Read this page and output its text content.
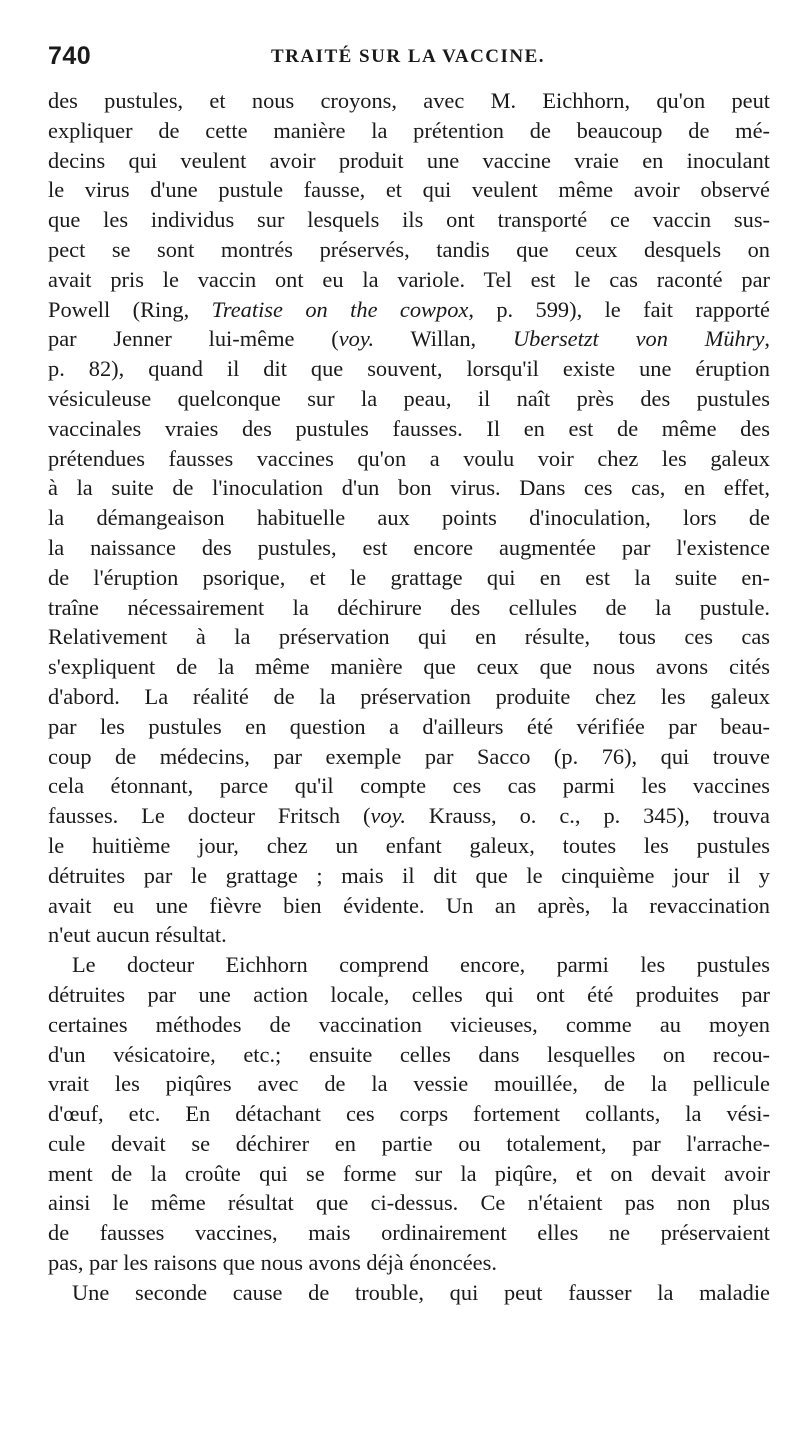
740	TRAITÉ SUR LA VACCINE.
des pustules, et nous croyons, avec M. Eichhorn, qu'on peut
expliquer de cette manière la prétention de beaucoup de mé-
decins qui veulent avoir produit une vaccine vraie en inoculant
le virus d'une pustule fausse, et qui veulent même avoir observé
que les individus sur lesquels ils ont transporté ce vaccin sus-
pect se sont montrés préservés, tandis que ceux desquels on
avait pris le vaccin ont eu la variole. Tel est le cas raconté par
Powell (Ring, Treatise on the cowpox, p. 599), le fait rapporté
par Jenner lui-même (voy. Willan, Ubersetzt von Mühry,
p. 82), quand il dit que souvent, lorsqu'il existe une éruption
vésiculeuse quelconque sur la peau, il naît près des pustules
vaccinales vraies des pustules fausses. Il en est de même des
prétendues fausses vaccines qu'on a voulu voir chez les galeux
à la suite de l'inoculation d'un bon virus. Dans ces cas, en effet,
la démangeaison habituelle aux points d'inoculation, lors de
la naissance des pustules, est encore augmentée par l'existence
de l'éruption psorique, et le grattage qui en est la suite en-
traîne nécessairement la déchirure des cellules de la pustule.
Relativement à la préservation qui en résulte, tous ces cas
s'expliquent de la même manière que ceux que nous avons cités
d'abord. La réalité de la préservation produite chez les galeux
par les pustules en question a d'ailleurs été vérifiée par beau-
coup de médecins, par exemple par Sacco (p. 76), qui trouve
cela étonnant, parce qu'il compte ces cas parmi les vaccines
fausses. Le docteur Fritsch (voy. Krauss, o. c., p. 345), trouva
le huitième jour, chez un enfant galeux, toutes les pustules
détruites par le grattage ; mais il dit que le cinquième jour il y
avait eu une fièvre bien évidente. Un an après, la revaccination
n'eut aucun résultat.
Le docteur Eichhorn comprend encore, parmi les pustules
détruites par une action locale, celles qui ont été produites par
certaines méthodes de vaccination vicieuses, comme au moyen
d'un vésicatoire, etc.; ensuite celles dans lesquelles on recou-
vrait les piqûres avec de la vessie mouillée, de la pellicule
d'œuf, etc. En détachant ces corps fortement collants, la vési-
cule devait se déchirer en partie ou totalement, par l'arrache-
ment de la croûte qui se forme sur la piqûre, et on devait avoir
ainsi le même résultat que ci-dessus. Ce n'étaient pas non plus
de fausses vaccines, mais ordinairement elles ne préservaient
pas, par les raisons que nous avons déjà énoncées.
Une seconde cause de trouble, qui peut fausser la maladie
